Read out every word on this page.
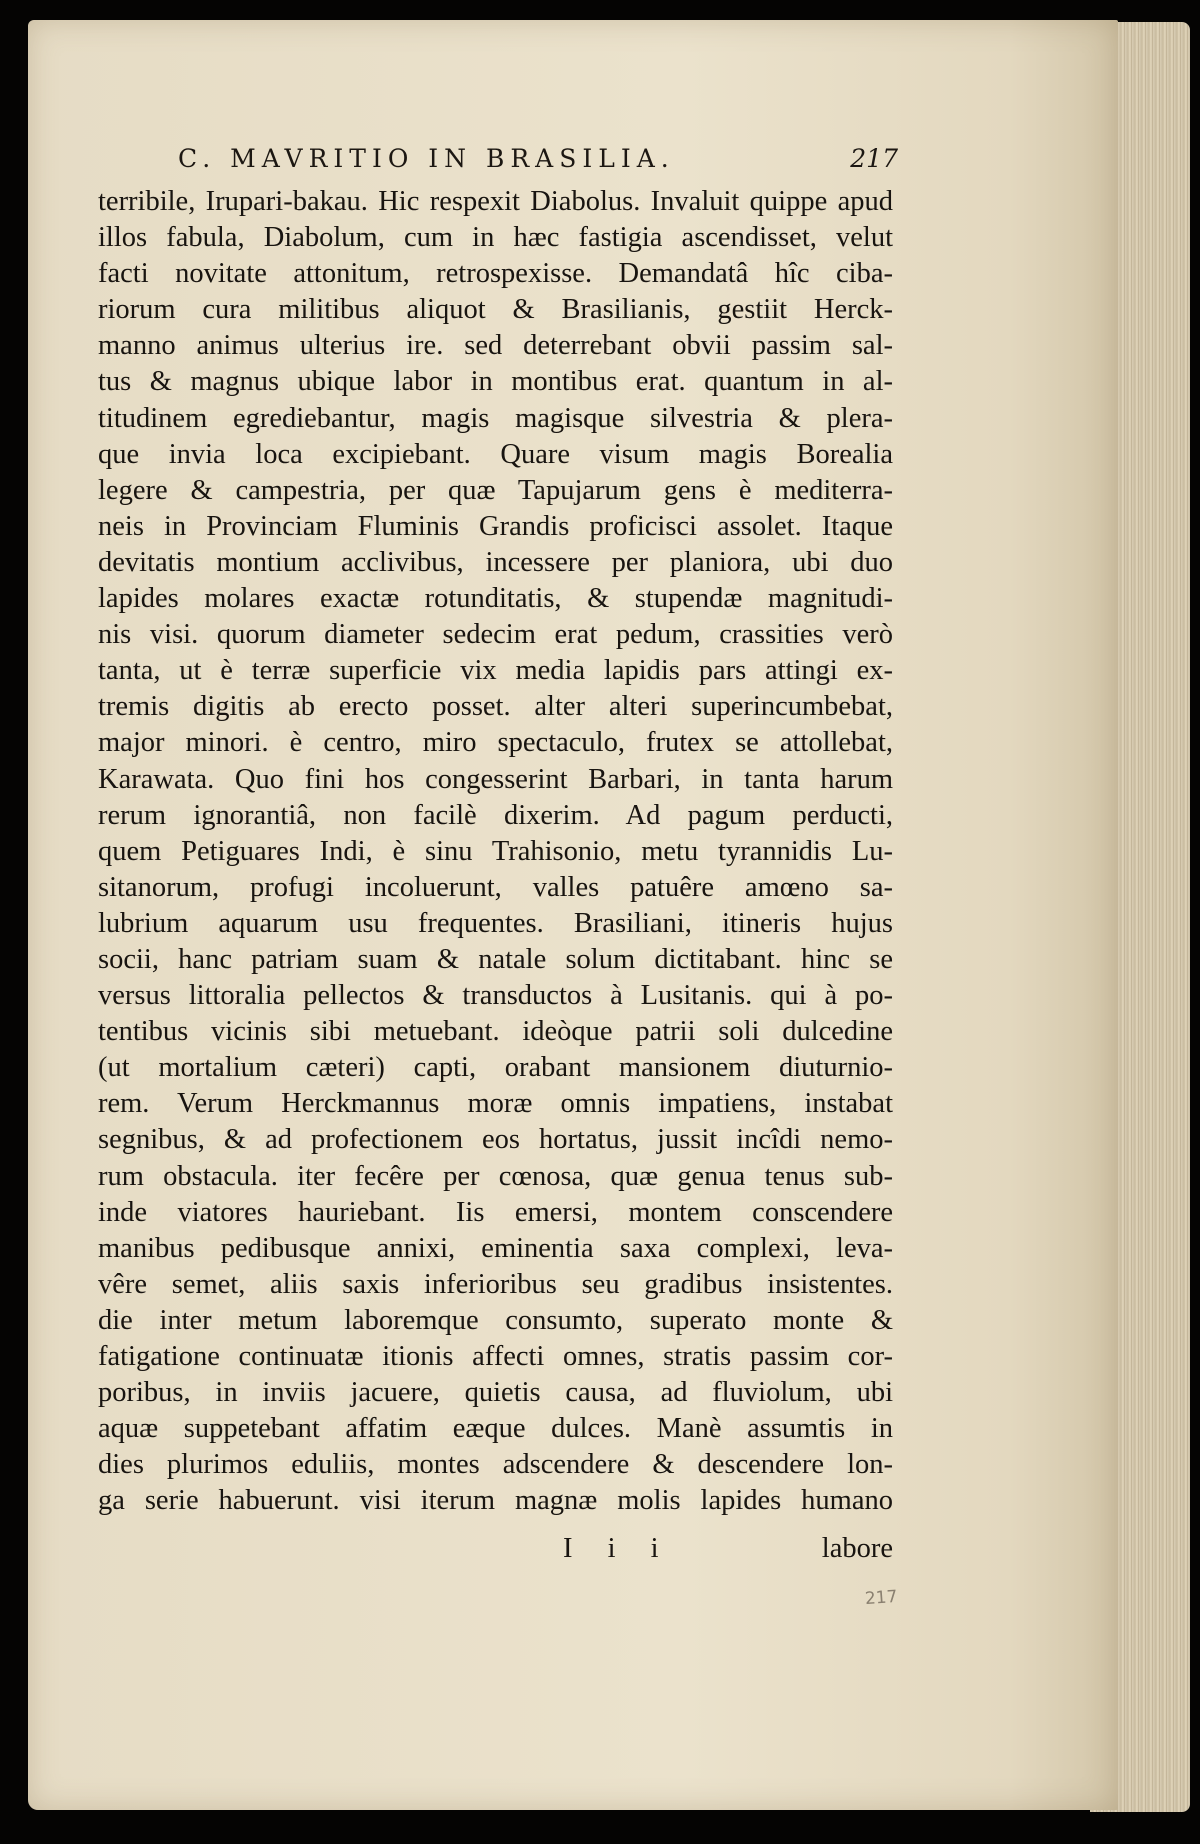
C. MAVRITIO IN BRASILIA.	217
terribile, Irupari-bakau. Hic respexit Diabolus. Invaluit quippe apud
illos fabula, Diabolum, cum in hæc fastigia ascendisset, velut
facti novitate attonitum, retrospexisse. Demandatâ hîc ciba-
riorum cura militibus aliquot & Brasilianis, gestiit Herck-
manno animus ulterius ire. sed deterrebant obvii passim sal-
tus & magnus ubique labor in montibus erat. quantum in al-
titudinem egrediebantur, magis magisque silvestria & plera-
que invia loca excipiebant. Quare visum magis Borealia
legere & campestria, per quæ Tapujarum gens è mediterra-
neis in Provinciam Fluminis Grandis proficisci assolet. Itaque
devitatis montium acclivibus, incessere per planiora, ubi duo
lapides molares exactæ rotunditatis, & stupendæ magnitudi-
nis visi. quorum diameter sedecim erat pedum, crassities verò
tanta, ut è terræ superficie vix media lapidis pars attingi ex-
tremis digitis ab erecto posset. alter alteri superincumbebat,
major minori. è centro, miro spectaculo, frutex se attollebat,
Karawata. Quo fini hos congesserint Barbari, in tanta harum
rerum ignorantiâ, non facilè dixerim. Ad pagum perducti,
quem Petiguares Indi, è sinu Trahisonio, metu tyrannidis Lu-
sitanorum, profugi incoluerunt, valles patuêre amœno sa-
lubrium aquarum usu frequentes. Brasiliani, itineris hujus
socii, hanc patriam suam & natale solum dictitabant. hinc se
versus littoralia pellectos & transductos à Lusitanis. qui à po-
tentibus vicinis sibi metuebant. ideòque patrii soli dulcedine
(ut mortalium cæteri) capti, orabant mansionem diuturnio-
rem. Verum Herckmannus moræ omnis impatiens, instabat
segnibus, & ad profectionem eos hortatus, jussit incîdi nemo-
rum obstacula. iter fecêre per cœnosa, quæ genua tenus sub-
inde viatores hauriebant. Iis emersi, montem conscendere
manibus pedibusque annixi, eminentia saxa complexi, leva-
vêre semet, aliis saxis inferioribus seu gradibus insistentes.
die inter metum laboremque consumto, superato monte &
fatigatione continuatæ itionis affecti omnes, stratis passim cor-
poribus, in inviis jacuere, quietis causa, ad fluviolum, ubi
aquæ suppetebant affatim eæque dulces. Manè assumtis in
dies plurimos eduliis, montes adscendere & descendere lon-
ga serie habuerunt. visi iterum magnæ molis lapides humano
I i i	labore
217
